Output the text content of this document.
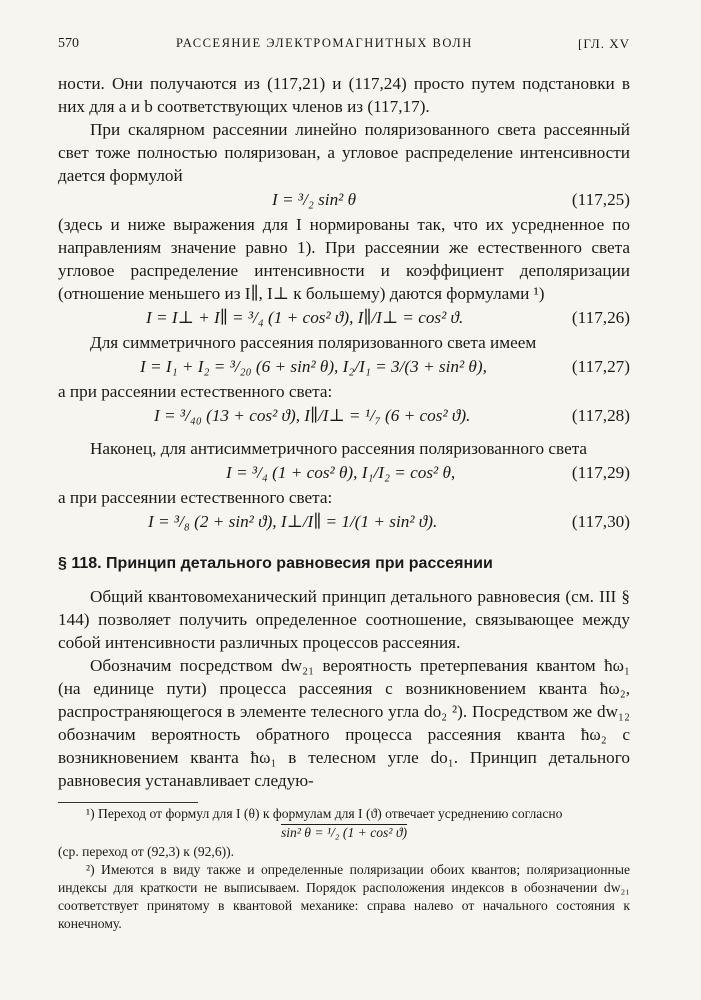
570	РАССЕЯНИЕ ЭЛЕКТРОМАГНИТНЫХ ВОЛН	[ГЛ. XV

ности. Они получаются из (117,21) и (117,24) просто путем подстановки в них для a и b соответствующих членов из (117,17).

При скалярном рассеянии линейно поляризованного света рассеянный свет тоже полностью поляризован, а угловое распределение интенсивности дается формулой

I = ³/₂ sin² θ	(117,25)

(здесь и ниже выражения для I нормированы так, что их усредненное по направлениям значение равно 1). При рассеянии же естественного света угловое распределение интенсивности и коэффициент деполяризации (отношение меньшего из I∥, I⊥ к большему) даются формулами ¹)

I = I⊥ + I∥ = ³/₄ (1 + cos² ϑ), I∥/I⊥ = cos² ϑ.	(117,26)

Для симметричного рассеяния поляризованного света имеем

I = I₁ + I₂ = ³/₂₀ (6 + sin² θ), I₂/I₁ = 3/(3 + sin² θ),	(117,27)

а при рассеянии естественного света:

I = ³/₄₀ (13 + cos² ϑ), I∥/I⊥ = ¹/₇ (6 + cos² ϑ).	(117,28)

Наконец, для антисимметричного рассеяния поляризованного света

I = ³/₄ (1 + cos² θ), I₁/I₂ = cos² θ,	(117,29)

а при рассеянии естественного света:

I = ³/₈ (2 + sin² ϑ), I⊥/I∥ = 1/(1 + sin² ϑ).	(117,30)
§ 118. Принцип детального равновесия при рассеянии

Общий квантовомеханический принцип детального равновесия (см. III § 144) позволяет получить определенное соотношение, связывающее между собой интенсивности различных процессов рассеяния.

Обозначим посредством dw₂₁ вероятность претерпевания квантом ħω₁ (на единице пути) процесса рассеяния с возникновением кванта ħω₂, распространяющегося в элементе телесного угла do₂ ²). Посредством же dw₁₂ обозначим вероятность обратного процесса рассеяния кванта ħω₂ с возникновением кванта ħω₁ в телесном угле do₁. Принцип детального равновесия устанавливает следую-

¹) Переход от формул для I (θ) к формулам для I (ϑ) отвечает усреднению согласно

sin² θ = ¹/₂ (1 + cos² ϑ)

(ср. переход от (92,3) к (92,6)).

²) Имеются в виду также и определенные поляризации обоих квантов; поляризационные индексы для краткости не выписываем. Порядок расположения индексов в обозначении dw₂₁ соответствует принятому в квантовой механике: справа налево от начального состояния к конечному.
